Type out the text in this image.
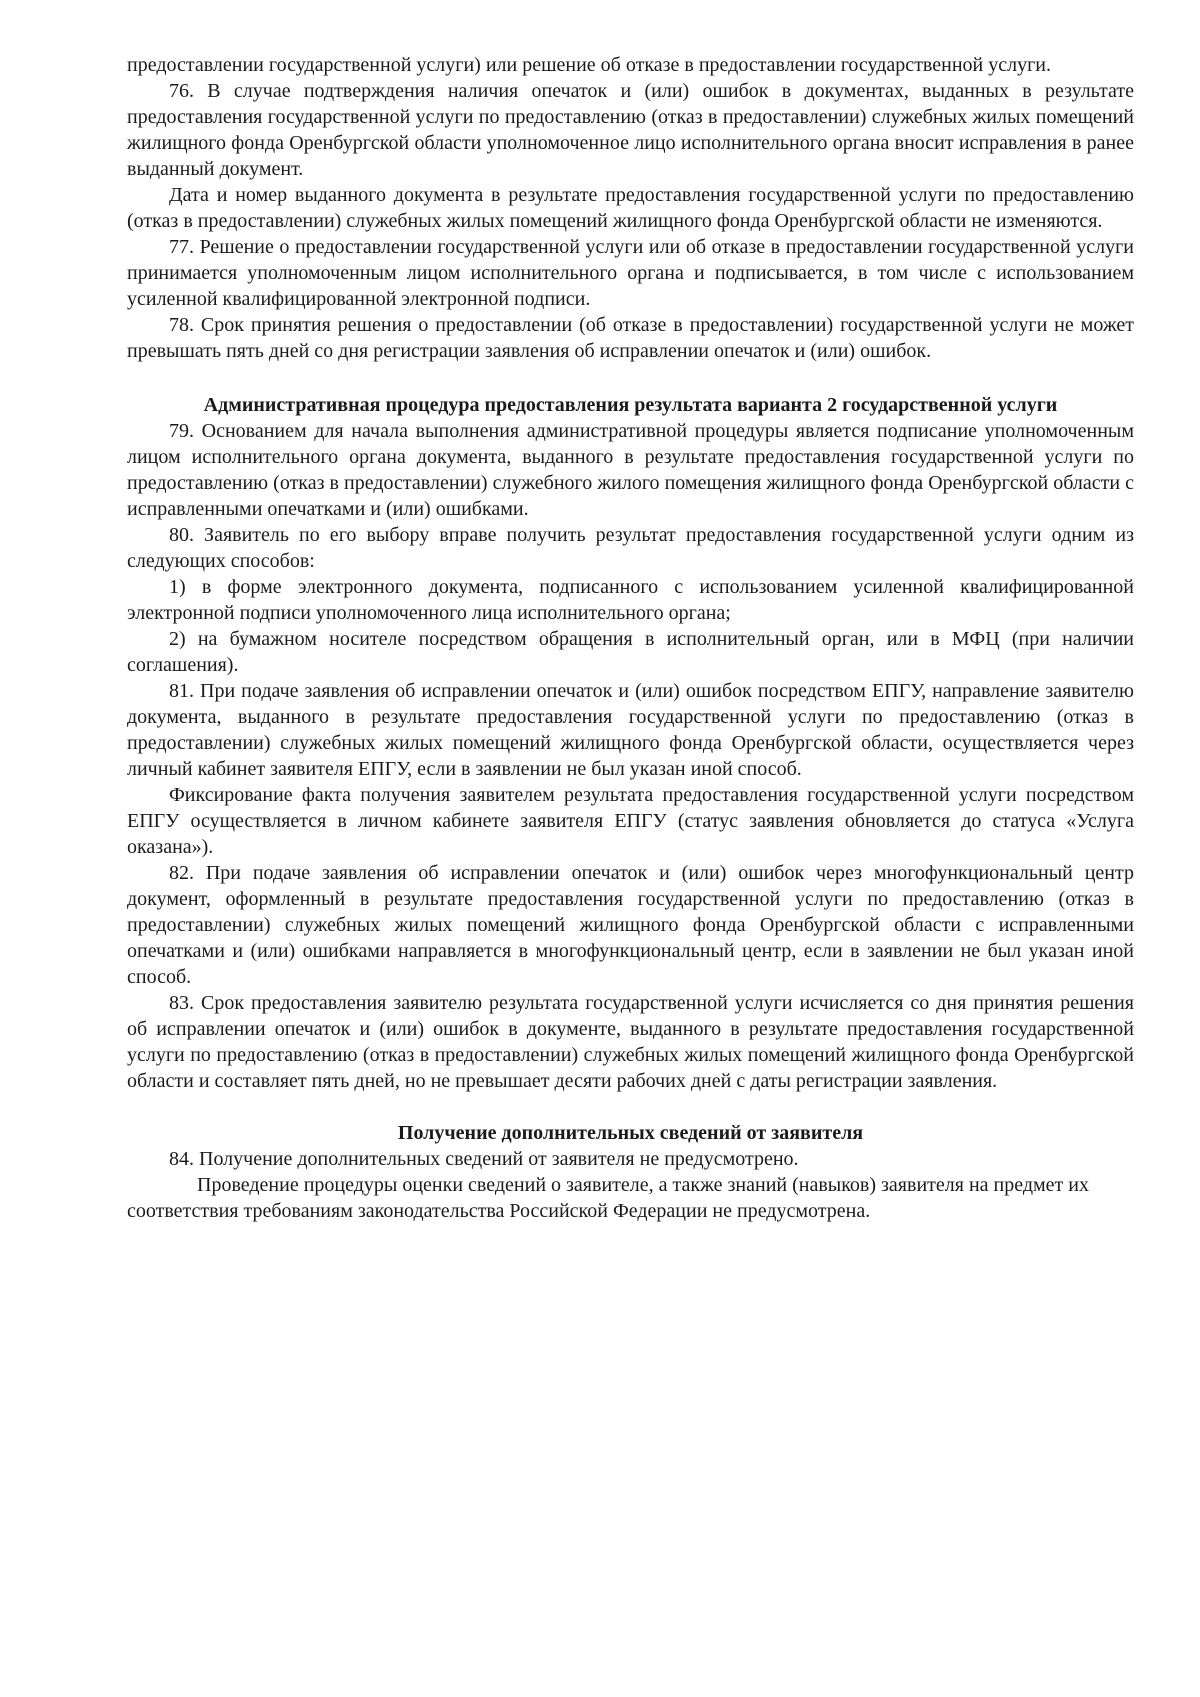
предоставлении государственной услуги) или решение об отказе в предоставлении государственной услуги.

76. В случае подтверждения наличия опечаток и (или) ошибок в документах, выданных в результате предоставления государственной услуги по предоставлению (отказ в предоставлении) служебных жилых помещений жилищного фонда Оренбургской области уполномоченное лицо исполнительного органа вносит исправления в ранее выданный документ.

Дата и номер выданного документа в результате предоставления государственной услуги по предоставлению (отказ в предоставлении) служебных жилых помещений жилищного фонда Оренбургской области не изменяются.

77. Решение о предоставлении государственной услуги или об отказе в предоставлении государственной услуги принимается уполномоченным лицом исполнительного органа и подписывается, в том числе с использованием усиленной квалифицированной электронной подписи.

78. Срок принятия решения о предоставлении (об отказе в предоставлении) государственной услуги не может превышать пять дней со дня регистрации заявления об исправлении опечаток и (или) ошибок.

Административная процедура предоставления результата варианта 2 государственной услуги

79. Основанием для начала выполнения административной процедуры является подписание уполномоченным лицом исполнительного органа документа, выданного в результате предоставления государственной услуги по предоставлению (отказ в предоставлении) служебного жилого помещения жилищного фонда Оренбургской области с исправленными опечатками и (или) ошибками.

80. Заявитель по его выбору вправе получить результат предоставления государственной услуги одним из следующих способов:

1) в форме электронного документа, подписанного с использованием усиленной квалифицированной электронной подписи уполномоченного лица исполнительного органа;

2) на бумажном носителе посредством обращения в исполнительный орган, или в МФЦ (при наличии соглашения).

81. При подаче заявления об исправлении опечаток и (или) ошибок посредством ЕПГУ, направление заявителю документа, выданного в результате предоставления государственной услуги по предоставлению (отказ в предоставлении) служебных жилых помещений жилищного фонда Оренбургской области, осуществляется через личный кабинет заявителя ЕПГУ, если в заявлении не был указан иной способ.

Фиксирование факта получения заявителем результата предоставления государственной услуги посредством ЕПГУ осуществляется в личном кабинете заявителя ЕПГУ (статус заявления обновляется до статуса «Услуга оказана»).

82. При подаче заявления об исправлении опечаток и (или) ошибок через многофункциональный центр документ, оформленный в результате предоставления государственной услуги по предоставлению (отказ в предоставлении) служебных жилых помещений жилищного фонда Оренбургской области с исправленными опечатками и (или) ошибками направляется в многофункциональный центр, если в заявлении не был указан иной способ.

83. Срок предоставления заявителю результата государственной услуги исчисляется со дня принятия решения об исправлении опечаток и (или) ошибок в документе, выданного в результате предоставления государственной услуги по предоставлению (отказ в предоставлении) служебных жилых помещений жилищного фонда Оренбургской области и составляет пять дней, но не превышает десяти рабочих дней с даты регистрации заявления.

Получение дополнительных сведений от заявителя

84. Получение дополнительных сведений от заявителя не предусмотрено.

Проведение процедуры оценки сведений о заявителе, а также знаний (навыков) заявителя на предмет их соответствия требованиям законодательства Российской Федерации не предусмотрена.
